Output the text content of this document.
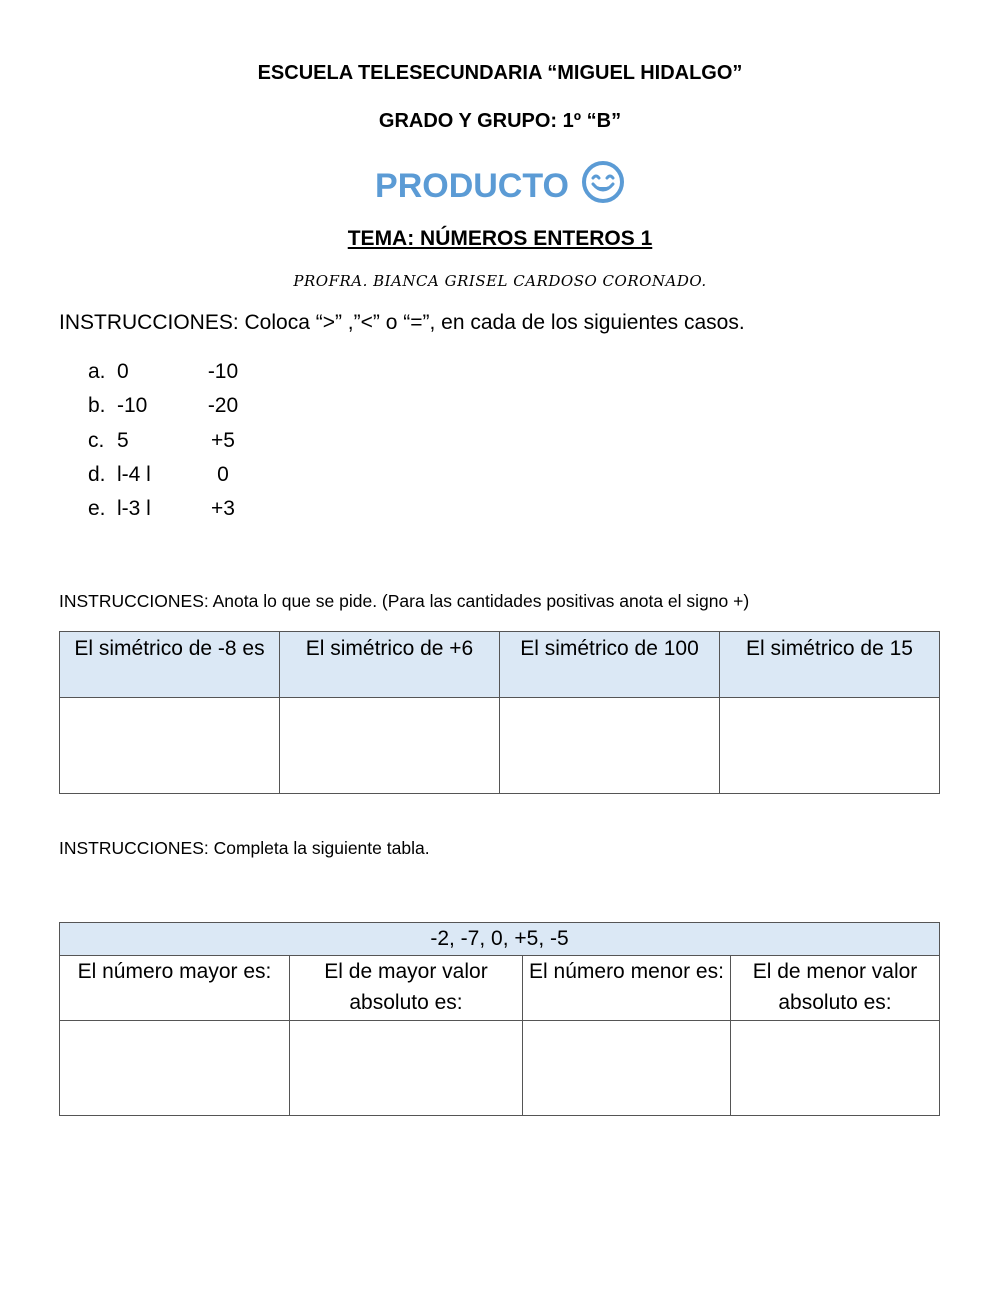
ESCUELA TELESECUNDARIA “MIGUEL HIDALGO”
GRADO Y GRUPO: 1º “B”
PRODUCTO
TEMA: NÚMEROS ENTEROS 1
PROFRA. BIANCA GRISEL CARDOSO CORONADO.
INSTRUCCIONES: Coloca “>” ,”<” o “=”, en cada de los siguientes casos.
a. 0	-10
b. -10	-20
c. 5	+5
d. l-4 l	0
e. l-3 l	+3
INSTRUCCIONES: Anota lo que se pide. (Para las cantidades positivas anota el signo +)
El simétrico de -8 es	El simétrico de +6	El simétrico de 100	El simétrico de 15

INSTRUCCIONES: Completa la siguiente tabla.
-2, -7, 0, +5, -5			
El número mayor es:	El de mayor valor absoluto es:	El número menor es:	El de menor valor absoluto es:
